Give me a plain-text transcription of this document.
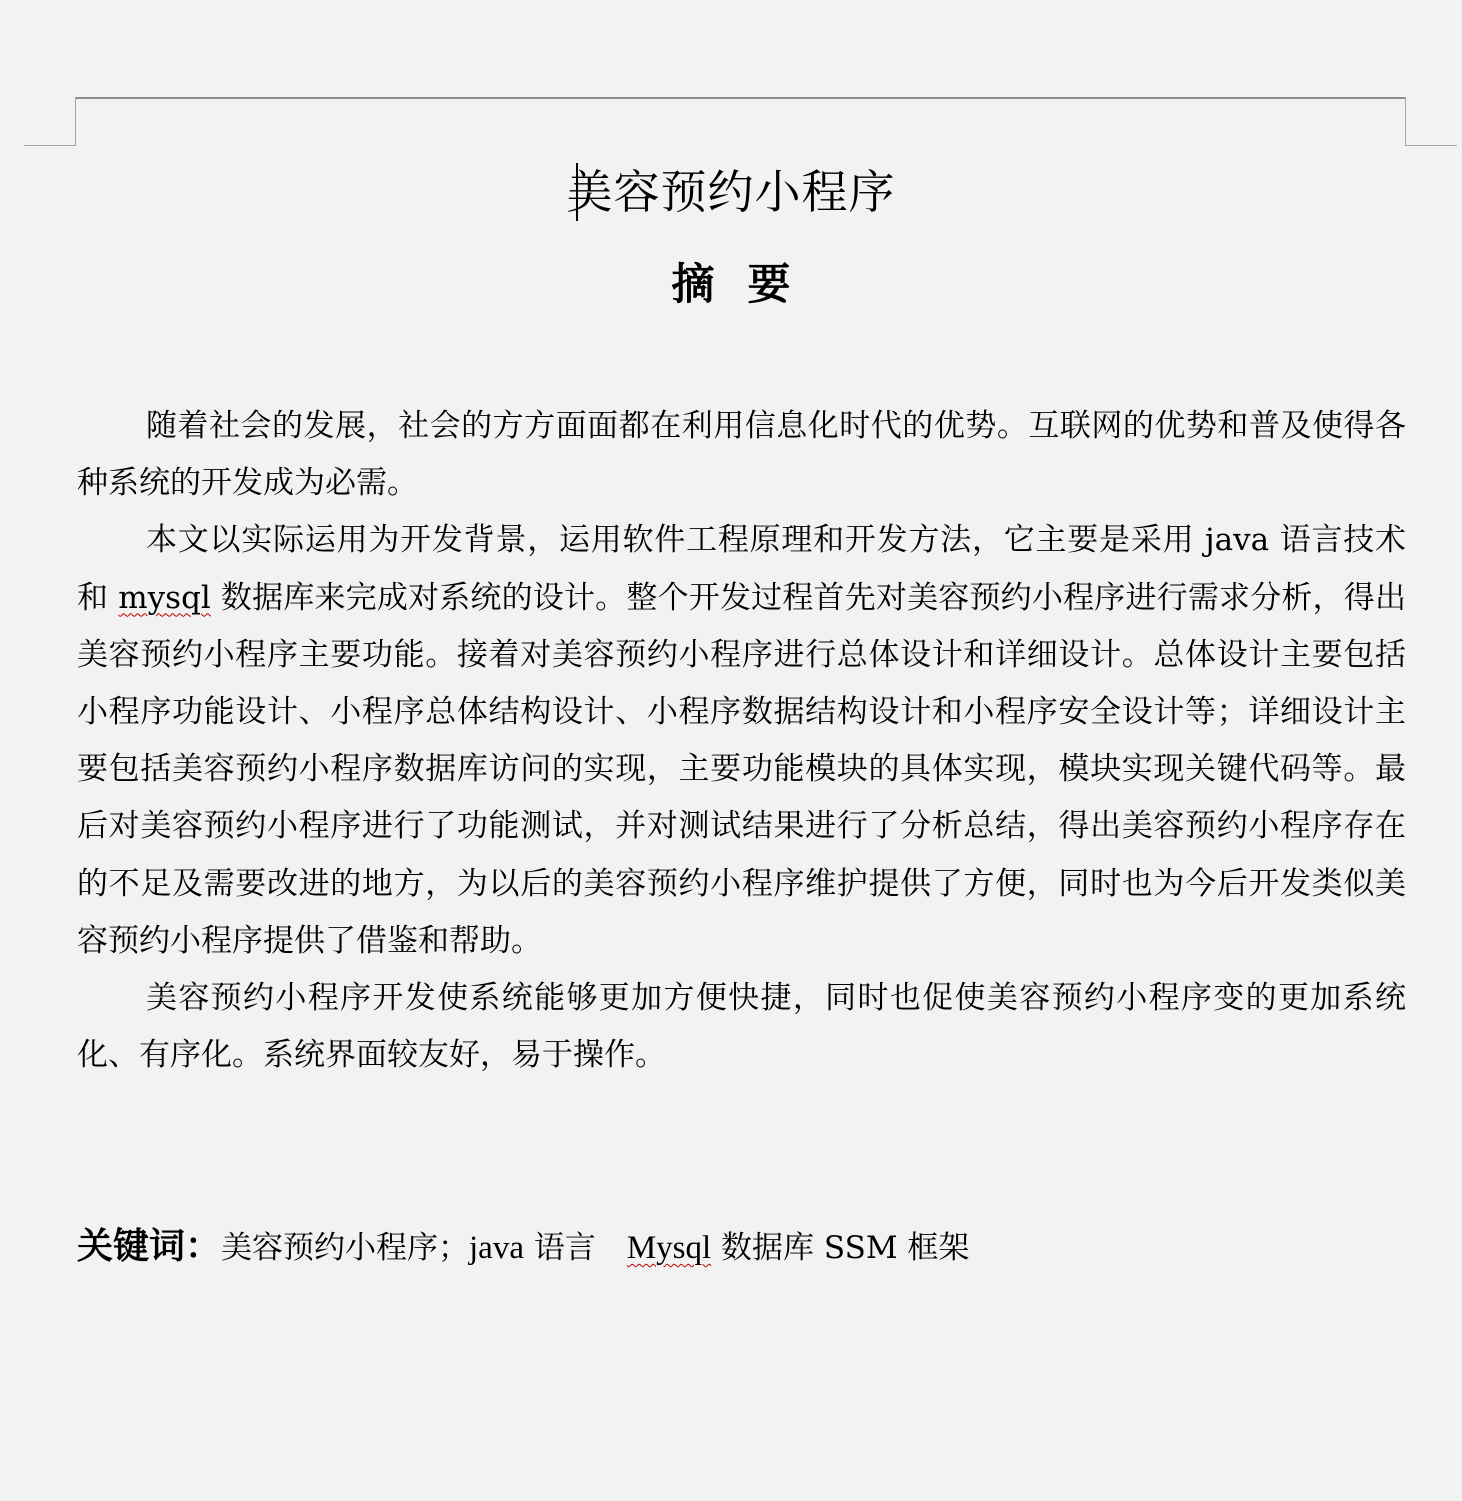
美容预约小程序
摘 要

随着社会的发展，社会的方方面面都在利用信息化时代的优势。互联网的优势和普及使得各种系统的开发成为必需。

本文以实际运用为开发背景，运用软件工程原理和开发方法，它主要是采用 java 语言技术和 mysql 数据库来完成对系统的设计。整个开发过程首先对美容预约小程序进行需求分析，得出美容预约小程序主要功能。接着对美容预约小程序进行总体设计和详细设计。总体设计主要包括小程序功能设计、小程序总体结构设计、小程序数据结构设计和小程序安全设计等；详细设计主要包括美容预约小程序数据库访问的实现，主要功能模块的具体实现，模块实现关键代码等。最后对美容预约小程序进行了功能测试，并对测试结果进行了分析总结，得出美容预约小程序存在的不足及需要改进的地方，为以后的美容预约小程序维护提供了方便，同时也为今后开发类似美容预约小程序提供了借鉴和帮助。

美容预约小程序开发使系统能够更加方便快捷，同时也促使美容预约小程序变的更加系统化、有序化。系统界面较友好，易于操作。

关键词：美容预约小程序；java 语言　Mysql 数据库 SSM 框架
